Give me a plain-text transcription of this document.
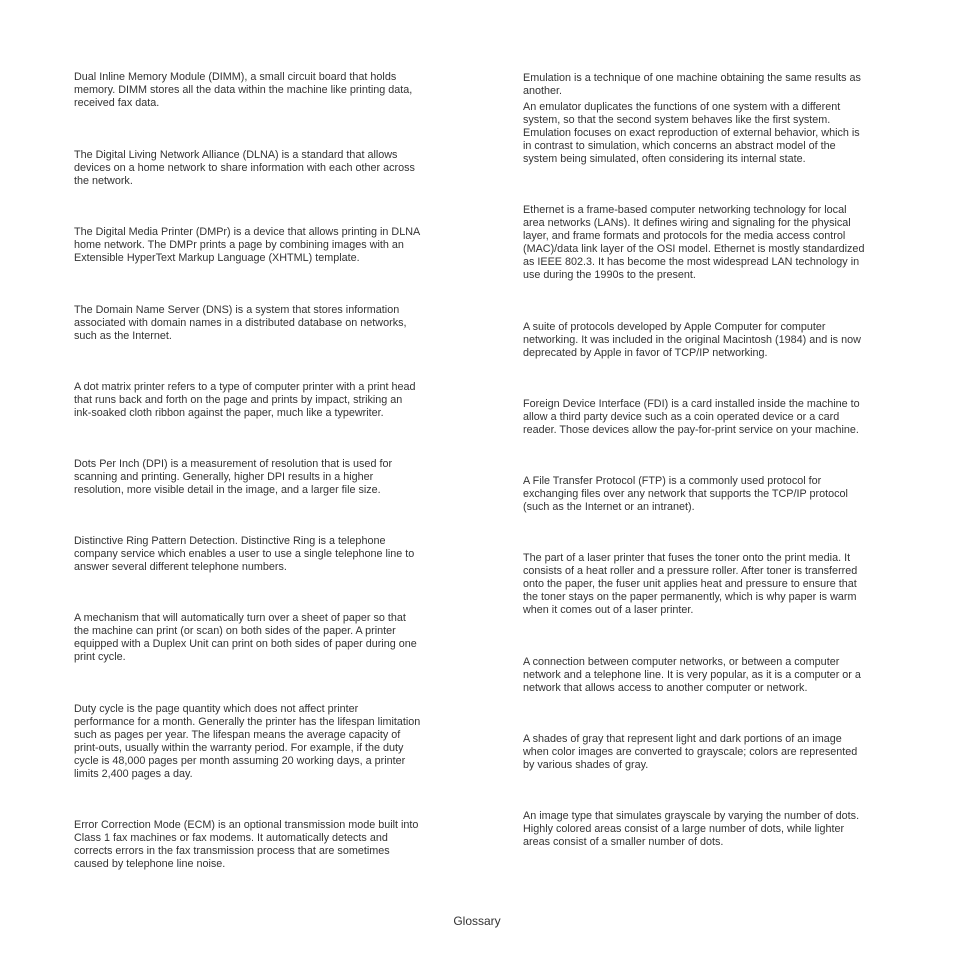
Dual Inline Memory Module (DIMM), a small circuit board that holds
memory. DIMM stores all the data within the machine like printing data,
received fax data.

The Digital Living Network Alliance (DLNA) is a standard that allows
devices on a home network to share information with each other across
the network.

The Digital Media Printer (DMPr) is a device that allows printing in DLNA
home network. The DMPr prints a page by combining images with an
Extensible HyperText Markup Language (XHTML) template.

The Domain Name Server (DNS) is a system that stores information
associated with domain names in a distributed database on networks,
such as the Internet.

A dot matrix printer refers to a type of computer printer with a print head
that runs back and forth on the page and prints by impact, striking an
ink-soaked cloth ribbon against the paper, much like a typewriter.

Dots Per Inch (DPI) is a measurement of resolution that is used for
scanning and printing. Generally, higher DPI results in a higher
resolution, more visible detail in the image, and a larger file size.

Distinctive Ring Pattern Detection. Distinctive Ring is a telephone
company service which enables a user to use a single telephone line to
answer several different telephone numbers.

A mechanism that will automatically turn over a sheet of paper so that
the machine can print (or scan) on both sides of the paper. A printer
equipped with a Duplex Unit can print on both sides of paper during one
print cycle.

Duty cycle is the page quantity which does not affect printer
performance for a month. Generally the printer has the lifespan limitation
such as pages per year. The lifespan means the average capacity of
print-outs, usually within the warranty period. For example, if the duty
cycle is 48,000 pages per month assuming 20 working days, a printer
limits 2,400 pages a day.

Error Correction Mode (ECM) is an optional transmission mode built into
Class 1 fax machines or fax modems. It automatically detects and
corrects errors in the fax transmission process that are sometimes
caused by telephone line noise.

Emulation is a technique of one machine obtaining the same results as
another.

An emulator duplicates the functions of one system with a different
system, so that the second system behaves like the first system.
Emulation focuses on exact reproduction of external behavior, which is
in contrast to simulation, which concerns an abstract model of the
system being simulated, often considering its internal state.

Ethernet is a frame-based computer networking technology for local
area networks (LANs). It defines wiring and signaling for the physical
layer, and frame formats and protocols for the media access control
(MAC)/data link layer of the OSI model. Ethernet is mostly standardized
as IEEE 802.3. It has become the most widespread LAN technology in
use during the 1990s to the present.

A suite of protocols developed by Apple Computer for computer
networking. It was included in the original Macintosh (1984) and is now
deprecated by Apple in favor of TCP/IP networking.

Foreign Device Interface (FDI) is a card installed inside the machine to
allow a third party device such as a coin operated device or a card
reader. Those devices allow the pay-for-print service on your machine.

A File Transfer Protocol (FTP) is a commonly used protocol for
exchanging files over any network that supports the TCP/IP protocol
(such as the Internet or an intranet).

The part of a laser printer that fuses the toner onto the print media. It
consists of a heat roller and a pressure roller. After toner is transferred
onto the paper, the fuser unit applies heat and pressure to ensure that
the toner stays on the paper permanently, which is why paper is warm
when it comes out of a laser printer.

A connection between computer networks, or between a computer
network and a telephone line. It is very popular, as it is a computer or a
network that allows access to another computer or network.

A shades of gray that represent light and dark portions of an image
when color images are converted to grayscale; colors are represented
by various shades of gray.

An image type that simulates grayscale by varying the number of dots.
Highly colored areas consist of a large number of dots, while lighter
areas consist of a smaller number of dots.

Glossary
